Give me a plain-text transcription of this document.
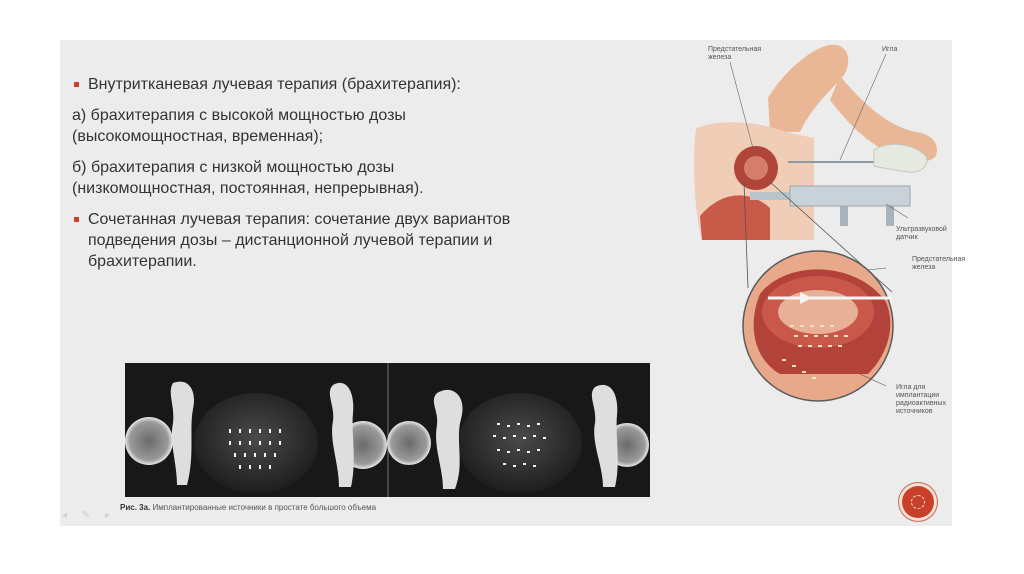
Внутритканевая лучевая терапия (брахитерапия):
а) брахитерапия с высокой мощностью дозы (высокомощностная, временная);
б) брахитерапия с низкой мощностью дозы (низкомощностная, постоянная, непрерывная).
Сочетанная лучевая терапия: сочетание двух вариантов подведения дозы – дистанционной лучевой терапии и брахитерапии.
Рис. 3а. Имплантированные источники в простате большого объема
Предстательная железа
Игла
Ультразвуковой датчик
Предстательная железа
Игла для имплантации радиоактивных источников
◂ ✎ ▸
